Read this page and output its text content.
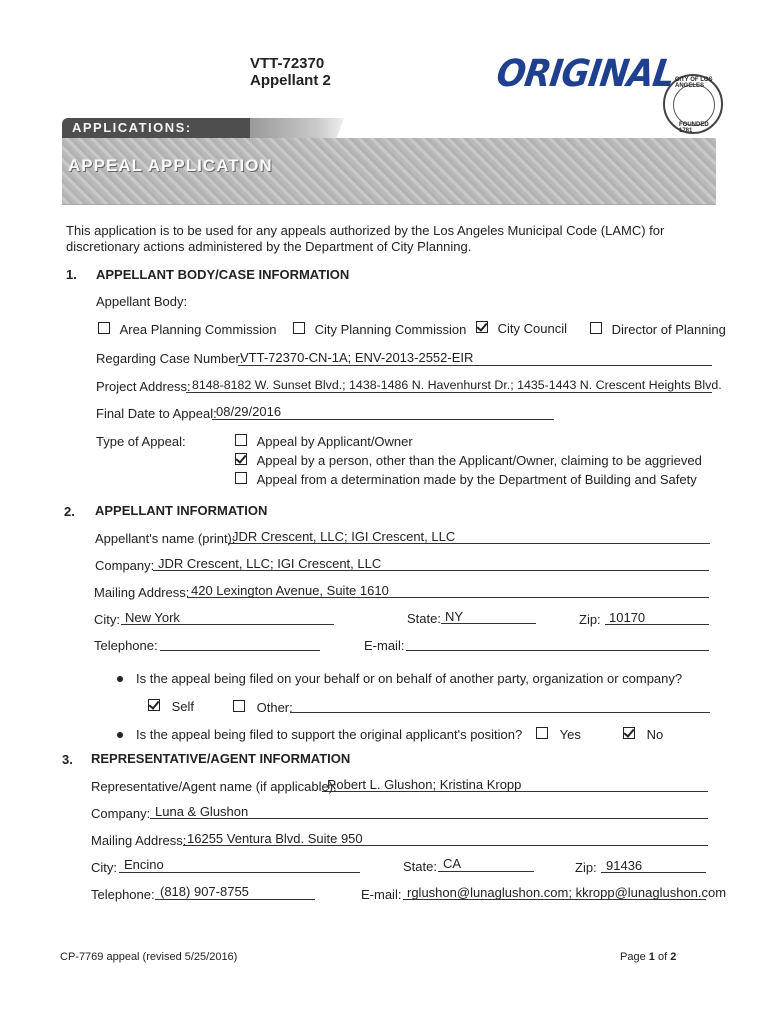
VTT-72370
Appellant 2	ORIGINAL
CITY OF LOS ANGELES
FOUNDED 1781
APPLICATIONS:
APPEAL APPLICATION
This application is to be used for any appeals authorized by the Los Angeles Municipal Code (LAMC) for discretionary actions administered by the Department of City Planning.
1. APPELLANT BODY/CASE INFORMATION
Appellant Body:
Area Planning Commission	City Planning Commission	City Council	Director of Planning
Regarding Case Number:
VTT-72370-CN-1A; ENV-2013-2552-EIR
Project Address: 8148-8182 W. Sunset Blvd.; 1438-1486 N. Havenhurst Dr.; 1435-1443 N. Crescent Heights Blvd.
Final Date to Appeal: 08/29/2016
Type of Appeal:	Appeal by Applicant/Owner
Appeal by a person, other than the Applicant/Owner, claiming to be aggrieved
Appeal from a determination made by the Department of Building and Safety
2. APPELLANT INFORMATION
Appellant's name (print):
JDR Crescent, LLC; IGI Crescent, LLC
Company: JDR Crescent, LLC; IGI Crescent, LLC
Mailing Address: 420 Lexington Avenue, Suite 1610
City: New York	State: NY	Zip: 10170
Telephone:	E-mail:
Is the appeal being filed on your behalf or on behalf of another party, organization or company?
Self	Other:
Is the appeal being filed to support the original applicant's position?	Yes	No
3. REPRESENTATIVE/AGENT INFORMATION
Representative/Agent name (if applicable):
Robert L. Glushon; Kristina Kropp
Company: Luna & Glushon
Mailing Address: 16255 Ventura Blvd. Suite 950
City: Encino	State: CA	Zip: 91436
Telephone: (818) 907-8755	E-mail: rglushon@lunaglushon.com; kkropp@lunaglushon.com
CP-7769 appeal (revised 5/25/2016)	Page 1 of 2
